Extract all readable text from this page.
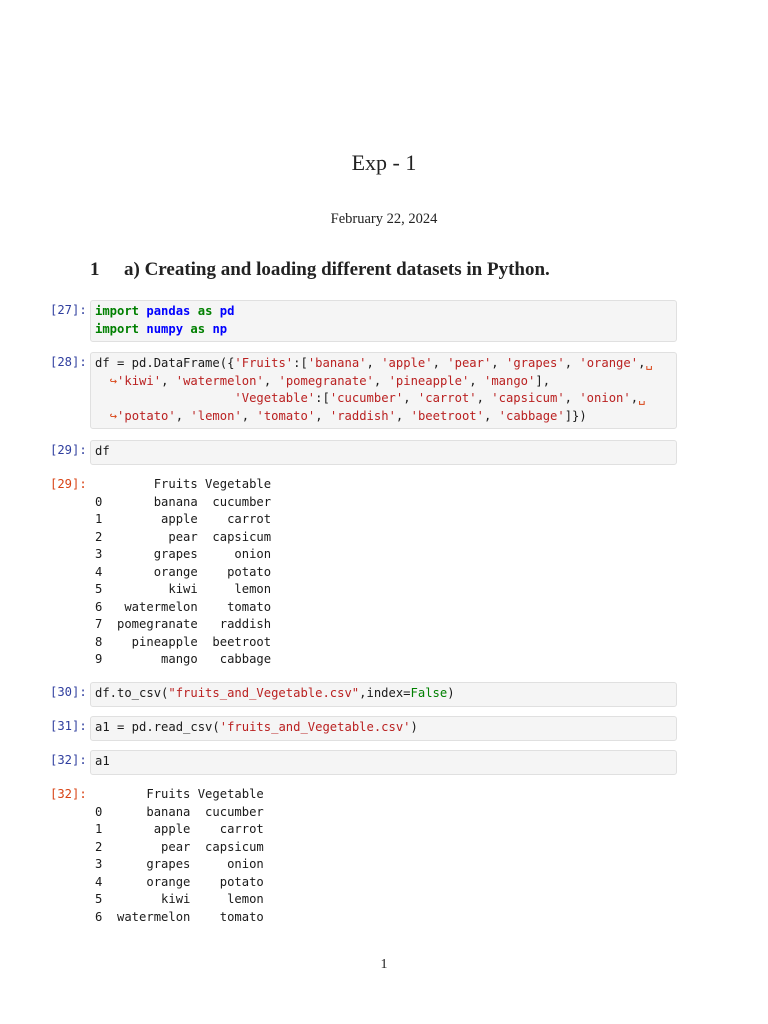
Exp - 1
February 22, 2024
1 a) Creating and loading different datasets in Python.
[27]: import pandas as pd
import numpy as np
[28]: df = pd.DataFrame({'Fruits':['banana', 'apple', 'pear', 'grapes', 'orange',␣
↪'kiwi', 'watermelon', 'pomegranate', 'pineapple', 'mango'],
'Vegetable':['cucumber', 'carrot', 'capsicum', 'onion',␣
↪'potato', 'lemon', 'tomato', 'raddish', 'beetroot', 'cabbage']})
[29]: df
[29]: Fruits Vegetable
0       banana  cucumber
1        apple    carrot
2         pear  capsicum
3       grapes     onion
4       orange    potato
5         kiwi     lemon
6   watermelon    tomato
7  pomegranate   raddish
8    pineapple  beetroot
9        mango   cabbage
[30]: df.to_csv("fruits_and_Vegetable.csv",index=False)
[31]: a1 = pd.read_csv('fruits_and_Vegetable.csv')
[32]: a1
[32]: Fruits Vegetable
0      banana  cucumber
1       apple    carrot
2        pear  capsicum
3      grapes     onion
4      orange    potato
5        kiwi     lemon
6  watermelon    tomato
1
